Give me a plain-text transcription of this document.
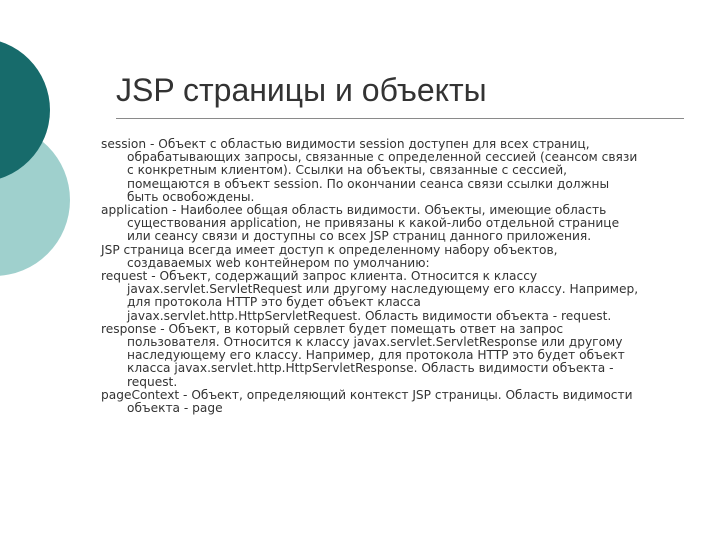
JSP страницы и объекты

session - Объект с областью видимости session доступен для всех страниц, обрабатывающих запросы, связанные с определенной сессией (сеансом связи с конкретным клиентом). Ссылки на объекты, связанные с сессией, помещаются в объект session. По окончании сеанса связи ссылки должны быть освобождены.

application - Наиболее общая область видимости. Объекты, имеющие область существования application, не привязаны к какой-либо отдельной странице или сеансу связи и доступны со всех JSP страниц данного приложения.

JSP страница всегда имеет доступ к определенному набору объектов, создаваемых web контейнером по умолчанию:

request - Объект, содержащий запрос клиента. Относится к классу javax.servlet.ServletRequest или другому наследующему его классу. Например, для протокола HTTP это будет объект класса javax.servlet.http.HttpServletRequest. Область видимости объекта - request.

response - Объект, в который сервлет будет помещать ответ на запрос пользователя. Относится к классу javax.servlet.ServletResponse или другому наследующему его классу. Например, для протокола HTTP это будет объект класса javax.servlet.http.HttpServletResponse. Область видимости объекта - request.

pageContext - Объект, определяющий контекст JSP страницы. Область видимости объекта - page
